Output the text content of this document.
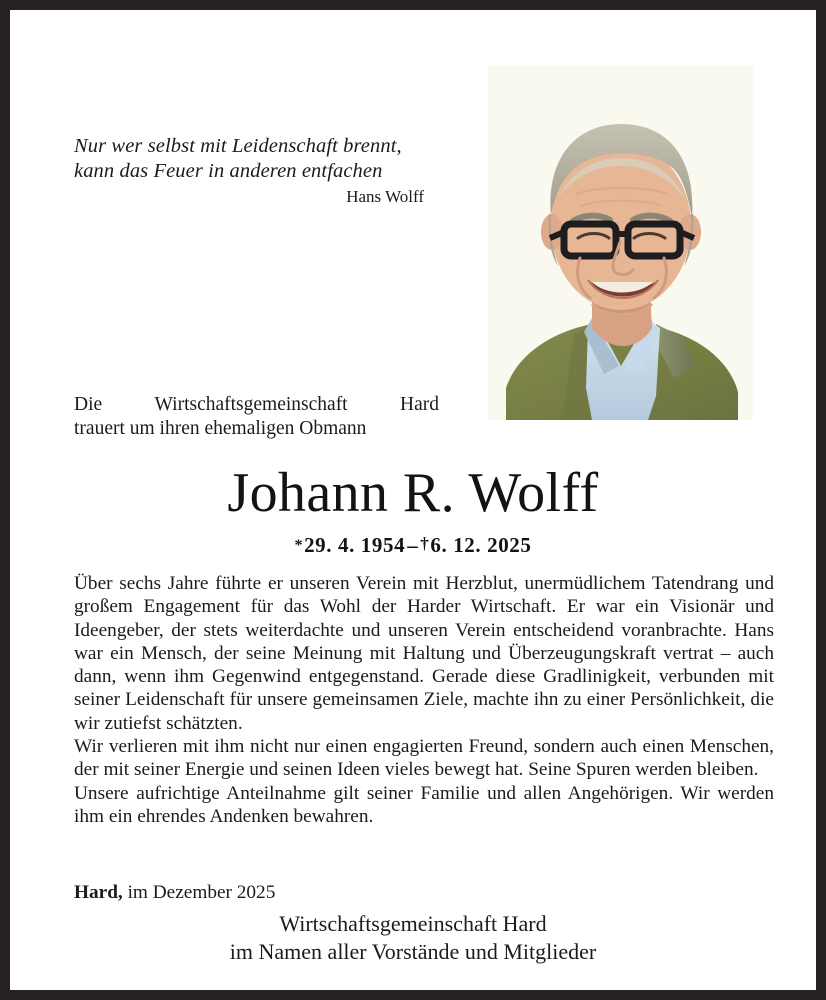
Nur wer selbst mit Leidenschaft brennt,
kann das Feuer in anderen entfachen
Hans Wolff
Die	Wirtschaftsgemeinschaft	Hard
trauert um ihren ehemaligen Obmann
Johann R. Wolff
*29. 4. 1954– †6. 12. 2025

Über sechs Jahre führte er unseren Verein mit Herzblut, unermüdlichem Tatendrang und großem Engagement für das Wohl der Harder Wirtschaft. Er war ein Visionär und Ideengeber, der stets weiterdachte und unseren Verein entscheidend voranbrachte. Hans war ein Mensch, der seine Meinung mit Haltung und Überzeugungskraft vertrat – auch dann, wenn ihm Gegenwind entgegenstand. Gerade diese Gradlinigkeit, verbunden mit seiner Leidenschaft für unsere gemeinsamen Ziele, machte ihn zu einer Persönlichkeit, die wir zutiefst schätzten.

Wir verlieren mit ihm nicht nur einen engagierten Freund, sondern auch einen Menschen, der mit seiner Energie und seinen Ideen vieles bewegt hat. Seine Spuren werden bleiben.

Unsere aufrichtige Anteilnahme gilt seiner Familie und allen Angehörigen. Wir werden ihm ein ehrendes Andenken bewahren.

Hard, im Dezember 2025
Wirtschaftsgemeinschaft Hard
im Namen aller Vorstände und Mitglieder
